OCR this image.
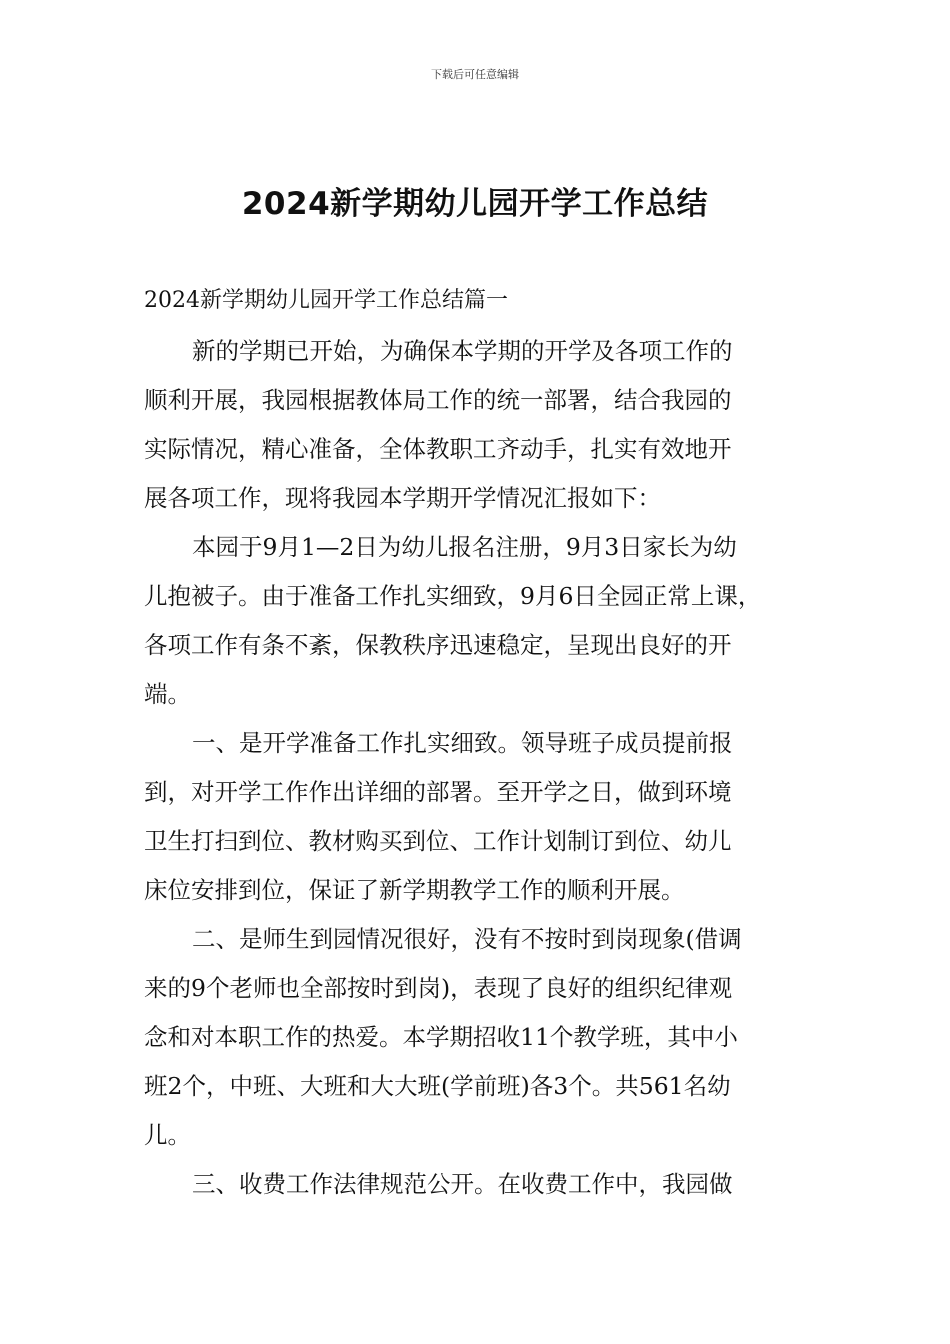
下载后可任意编辑
2024新学期幼儿园开学工作总结
2024新学期幼儿园开学工作总结篇一
新的学期已开始，为确保本学期的开学及各项工作的
顺利开展，我园根据教体局工作的统一部署，结合我园的
实际情况，精心准备，全体教职工齐动手，扎实有效地开
展各项工作，现将我园本学期开学情况汇报如下：
本园于9月1—2日为幼儿报名注册，9月3日家长为幼
儿抱被子。由于准备工作扎实细致，9月6日全园正常上课，
各项工作有条不紊，保教秩序迅速稳定，呈现出良好的开
端。
一、是开学准备工作扎实细致。领导班子成员提前报
到，对开学工作作出详细的部署。至开学之日，做到环境
卫生打扫到位、教材购买到位、工作计划制订到位、幼儿
床位安排到位，保证了新学期教学工作的顺利开展。
二、是师生到园情况很好，没有不按时到岗现象(借调
来的9个老师也全部按时到岗)，表现了良好的组织纪律观
念和对本职工作的热爱。本学期招收11个教学班，其中小
班2个，中班、大班和大大班(学前班)各3个。共561名幼
儿。
三、收费工作法律规范公开。在收费工作中，我园做
